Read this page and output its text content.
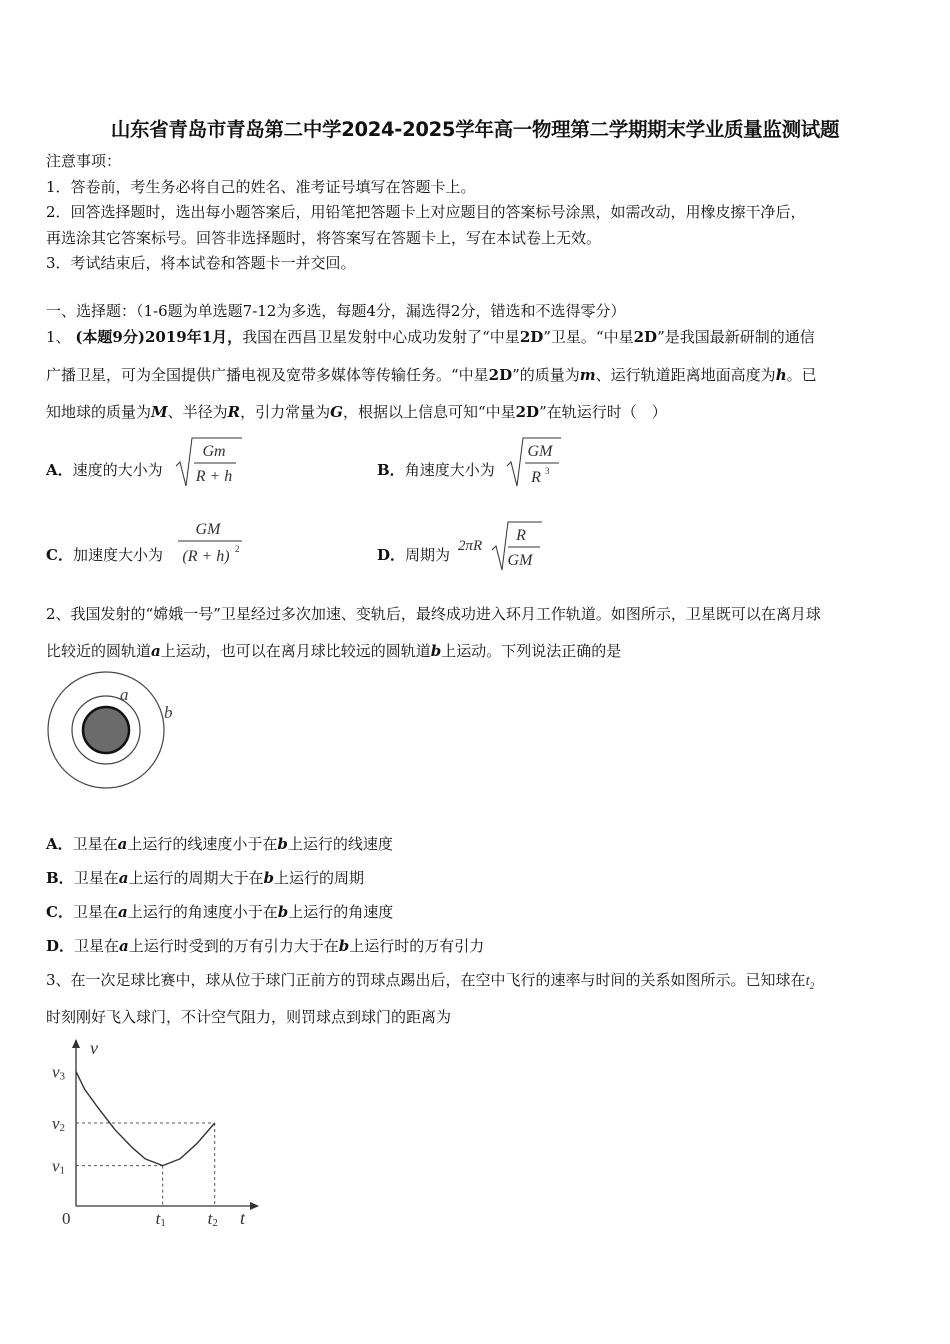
山东省青岛市青岛第二中学2024-2025学年高一物理第二学期期末学业质量监测试题
注意事项：
1．答卷前，考生务必将自己的姓名、准考证号填写在答题卡上。
2．回答选择题时，选出每小题答案后，用铅笔把答题卡上对应题目的答案标号涂黑，如需改动，用橡皮擦干净后，
再选涂其它答案标号。回答非选择题时，将答案写在答题卡上，写在本试卷上无效。
3．考试结束后，将本试卷和答题卡一并交回。
一、选择题：（1-6题为单选题7-12为多选，每题4分，漏选得2分，错选和不选得零分）
1、 (本题9分)2019年1月，我国在西昌卫星发射中心成功发射了“中星2D”卫星。“中星2D”是我国最新研制的通信
广播卫星，可为全国提供广播电视及宽带多媒体等传输任务。“中星2D”的质量为m、运行轨道距离地面高度为h。已
知地球的质量为M、半径为R，引力常量为G，根据以上信息可知“中星2D”在轨运行时（　）
A．速度的大小为
Gm
R + h	B．角速度大小为
GM
R 3
C．加速度大小为
GM
(R + h) 2	D．周期为 2πR
R
GM
2、我国发射的“嫦娥一号”卫星经过多次加速、变轨后，最终成功进入环月工作轨道。如图所示，卫星既可以在离月球
比较近的圆轨道a上运动，也可以在离月球比较远的圆轨道b上运动。下列说法正确的是
a
b
A．卫星在a上运行的线速度小于在b上运行的线速度
B．卫星在a上运行的周期大于在b上运行的周期
C．卫星在a上运行的角速度小于在b上运行的角速度
D．卫星在a上运行时受到的万有引力大于在b上运行时的万有引力
3、在一次足球比赛中，球从位于球门正前方的罚球点踢出后，在空中飞行的速率与时间的关系如图所示。已知球在$t_2$
时刻刚好飞入球门，不计空气阻力，则罚球点到球门的距离为
v
t
0
v3
v2
v1
t1 t2
